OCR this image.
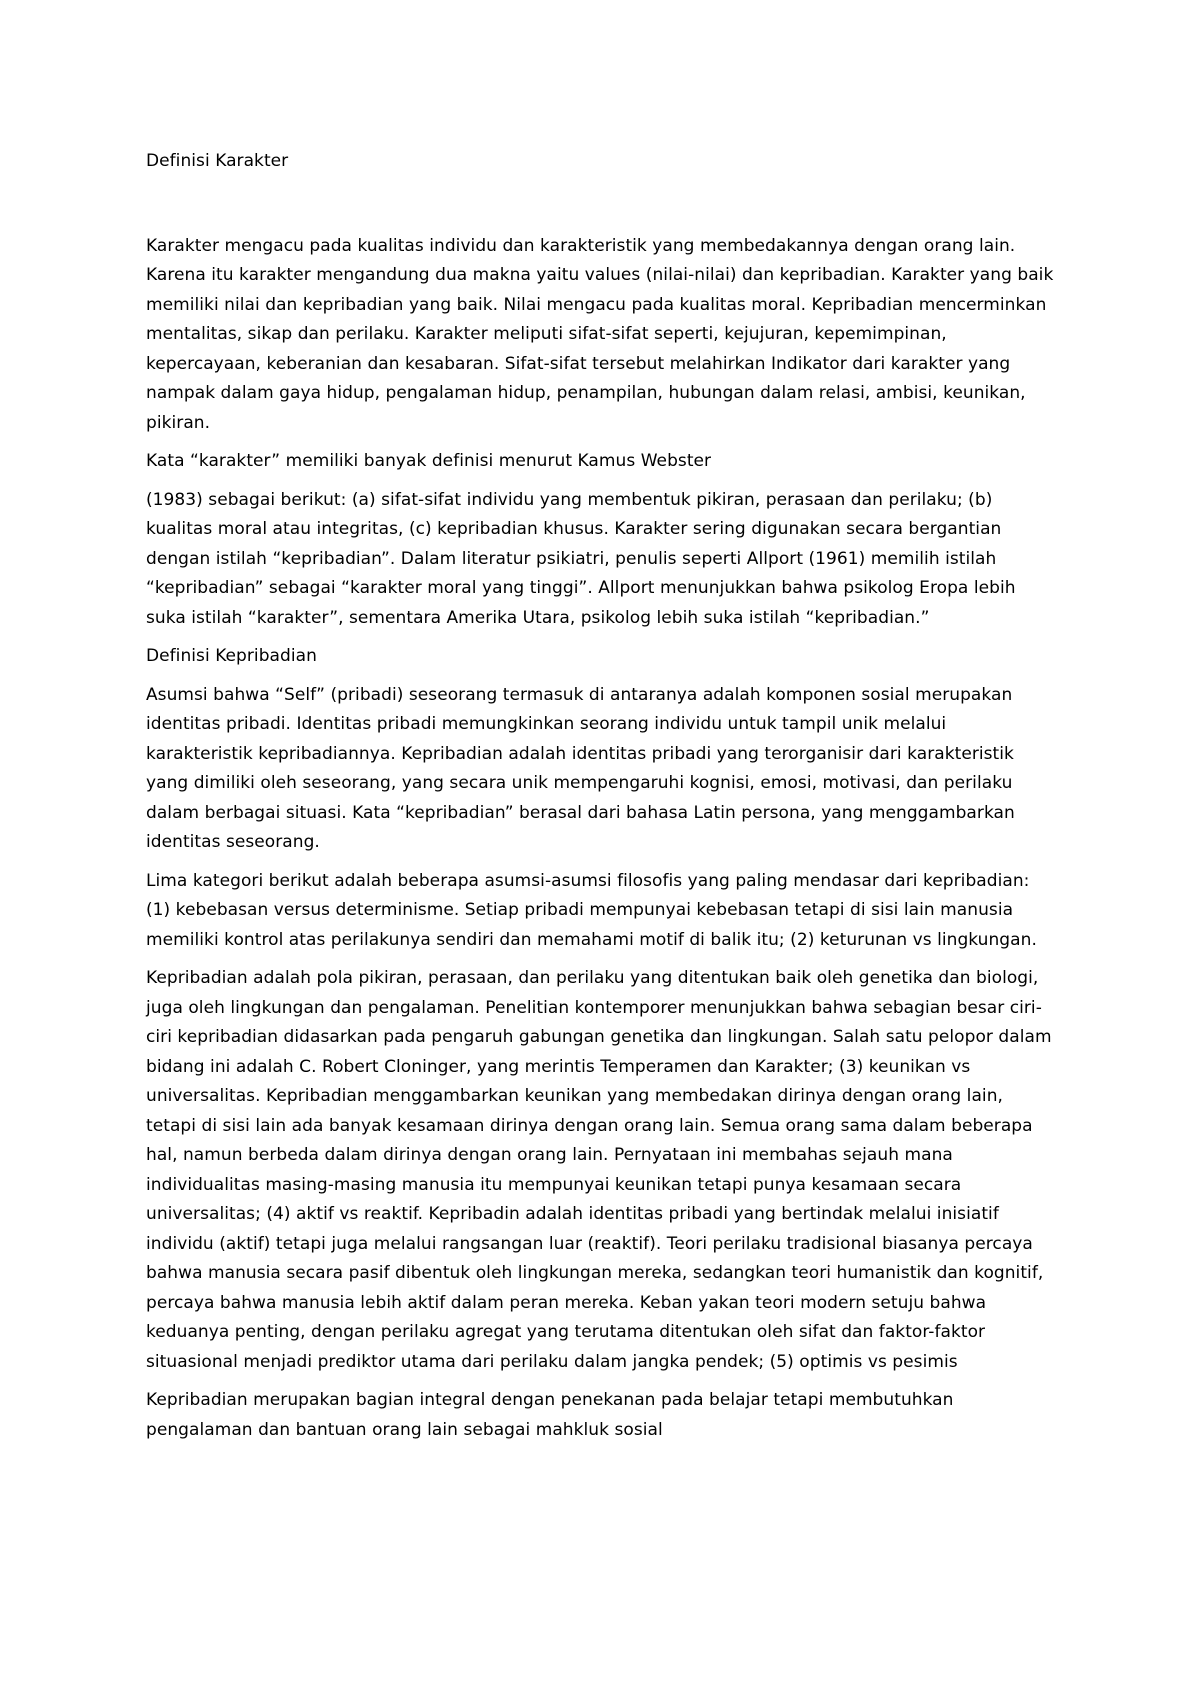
Definisi Karakter

Karakter mengacu pada kualitas individu dan karakteristik yang membedakannya dengan orang lain. Karena itu karakter mengandung dua makna yaitu values (nilai-nilai) dan kepribadian. Karakter yang baik memiliki nilai dan kepribadian yang baik. Nilai mengacu pada kualitas moral. Kepribadian mencerminkan mentalitas, sikap dan perilaku. Karakter meliputi sifat-sifat seperti, kejujuran, kepemimpinan, kepercayaan, keberanian dan kesabaran. Sifat-sifat tersebut melahirkan Indikator dari karakter yang nampak dalam gaya hidup, pengalaman hidup, penampilan, hubungan dalam relasi, ambisi, keunikan, pikiran.

Kata “karakter” memiliki banyak definisi menurut Kamus Webster

(1983) sebagai berikut: (a) sifat-sifat individu yang membentuk pikiran, perasaan dan perilaku; (b) kualitas moral atau integritas, (c) kepribadian khusus. Karakter sering digunakan secara bergantian dengan istilah “kepribadian”. Dalam literatur psikiatri, penulis seperti Allport (1961) memilih istilah “kepribadian” sebagai “karakter moral yang tinggi”. Allport menunjukkan bahwa psikolog Eropa lebih suka istilah “karakter”, sementara Amerika Utara, psikolog lebih suka istilah “kepribadian.”

Definisi Kepribadian

Asumsi bahwa “Self” (pribadi) seseorang termasuk di antaranya adalah komponen sosial merupakan identitas pribadi. Identitas pribadi memungkinkan seorang individu untuk tampil unik melalui karakteristik kepribadiannya. Kepribadian adalah identitas pribadi yang terorganisir dari karakteristik yang dimiliki oleh seseorang, yang secara unik mempengaruhi kognisi, emosi, motivasi, dan perilaku dalam berbagai situasi. Kata “kepribadian” berasal dari bahasa Latin persona, yang menggambarkan identitas seseorang.

Lima kategori berikut adalah beberapa asumsi-asumsi filosofis yang paling mendasar dari kepribadian: (1) kebebasan versus determinisme. Setiap pribadi mempunyai kebebasan tetapi di sisi lain manusia memiliki kontrol atas perilakunya sendiri dan memahami motif di balik itu; (2) keturunan vs lingkungan.

Kepribadian adalah pola pikiran, perasaan, dan perilaku yang ditentukan baik oleh genetika dan biologi, juga oleh lingkungan dan pengalaman. Penelitian kontemporer menunjukkan bahwa sebagian besar ciri-ciri kepribadian didasarkan pada pengaruh gabungan genetika dan lingkungan. Salah satu pelopor dalam bidang ini adalah C. Robert Cloninger, yang merintis Temperamen dan Karakter; (3) keunikan vs universalitas. Kepribadian menggambarkan keunikan yang membedakan dirinya dengan orang lain, tetapi di sisi lain ada banyak kesamaan dirinya dengan orang lain. Semua orang sama dalam beberapa hal, namun berbeda dalam dirinya dengan orang lain. Pernyataan ini membahas sejauh mana individualitas masing-masing manusia itu mempunyai keunikan tetapi punya kesamaan secara universalitas; (4) aktif vs reaktif. Kepribadin adalah identitas pribadi yang bertindak melalui inisiatif individu (aktif) tetapi juga melalui rangsangan luar (reaktif). Teori perilaku tradisional biasanya percaya bahwa manusia secara pasif dibentuk oleh lingkungan mereka, sedangkan teori humanistik dan kognitif, percaya bahwa manusia lebih aktif dalam peran mereka. Keban yakan teori modern setuju bahwa keduanya penting, dengan perilaku agregat yang terutama ditentukan oleh sifat dan faktor-faktor situasional menjadi prediktor utama dari perilaku dalam jangka pendek; (5) optimis vs pesimis

Kepribadian merupakan bagian integral dengan penekanan pada belajar tetapi membutuhkan pengalaman dan bantuan orang lain sebagai mahkluk sosial
